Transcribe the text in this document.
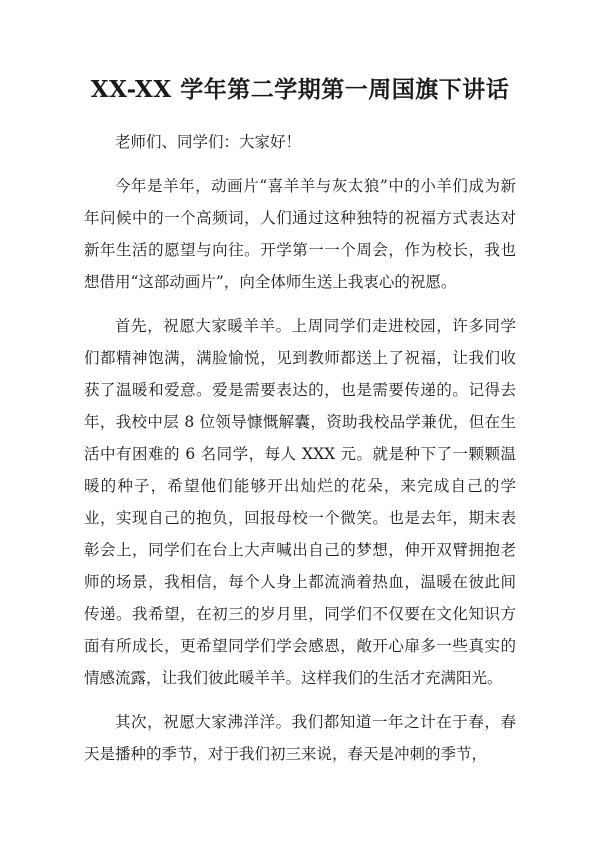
XX-XX 学年第二学期第一周国旗下讲话

老师们、同学们：大家好！

今年是羊年，动画片“喜羊羊与灰太狼”中的小羊们成为新年问候中的一个高频词，人们通过这种独特的祝福方式表达对新年生活的愿望与向往。开学第一一个周会，作为校长，我也想借用“这部动画片”，向全体师生送上我衷心的祝愿。

首先，祝愿大家暖羊羊。上周同学们走进校园，许多同学们都精神饱满，满脸愉悦，见到教师都送上了祝福，让我们收获了温暖和爱意。爱是需要表达的，也是需要传递的。记得去年，我校中层 8 位领导慷慨解囊，资助我校品学兼优，但在生活中有困难的 6 名同学，每人 XXX 元。就是种下了一颗颗温暖的种子，希望他们能够开出灿烂的花朵，来完成自己的学业，实现自己的抱负，回报母校一个微笑。也是去年，期末表彰会上，同学们在台上大声喊出自己的梦想，伸开双臂拥抱老师的场景，我相信，每个人身上都流淌着热血，温暖在彼此间传递。我希望，在初三的岁月里，同学们不仅要在文化知识方面有所成长，更希望同学们学会感恩，敞开心扉多一些真实的情感流露，让我们彼此暖羊羊。这样我们的生活才充满阳光。

其次，祝愿大家沸洋洋。我们都知道一年之计在于春，春天是播种的季节，对于我们初三来说，春天是冲刺的季节，
